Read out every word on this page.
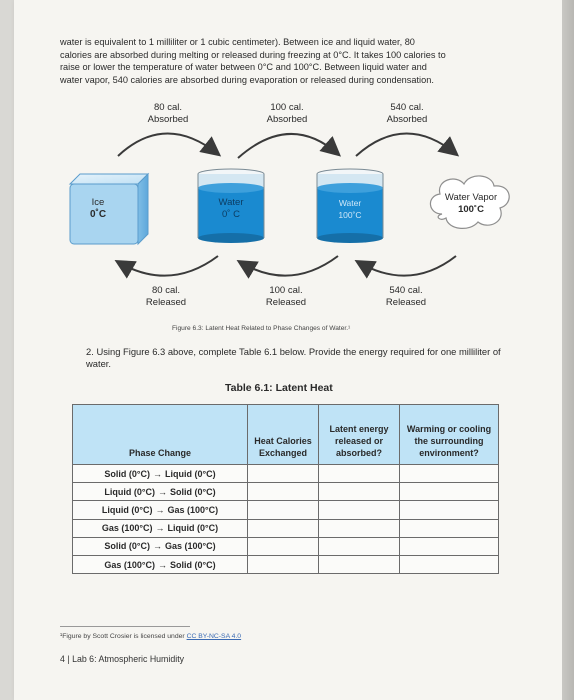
water is equivalent to 1 milliliter or 1 cubic centimeter). Between ice and liquid water, 80

calories are absorbed during melting or released during freezing at 0°C. It takes 100 calories to

raise or lower the temperature of water between 0°C and 100°C. Between liquid water and

water vapor, 540 calories are absorbed during evaporation or released during condensation.

80 cal.
Absorbed
100 cal.
Absorbed
540 cal.
Absorbed
Ice
0˚C
Water
0˚ C
Water
100˚C
Water Vapor
100˚C
80 cal.
Released
100 cal.
Released
540 cal.
Released
Figure 6.3: Latent Heat Related to Phase Changes of Water.¹
2. Using Figure 6.3 above, complete Table 6.1 below. Provide the energy required for one milliliter of water.
Table 6.1: Latent Heat
Phase Change	Heat Calories Exchanged	Latent energy released or absorbed?	Warming or cooling the surrounding environment?
Solid (0°C) → Liquid (0°C)			
Liquid (0°C) → Solid (0°C)			
Liquid (0°C) → Gas (100°C)			
Gas (100°C) → Liquid (0°C)			
Solid (0°C) → Gas (100°C)			
Gas (100°C) → Solid (0°C)			
¹Figure by Scott Crosier is licensed under CC BY-NC-SA 4.0
4 | Lab 6: Atmospheric Humidity
